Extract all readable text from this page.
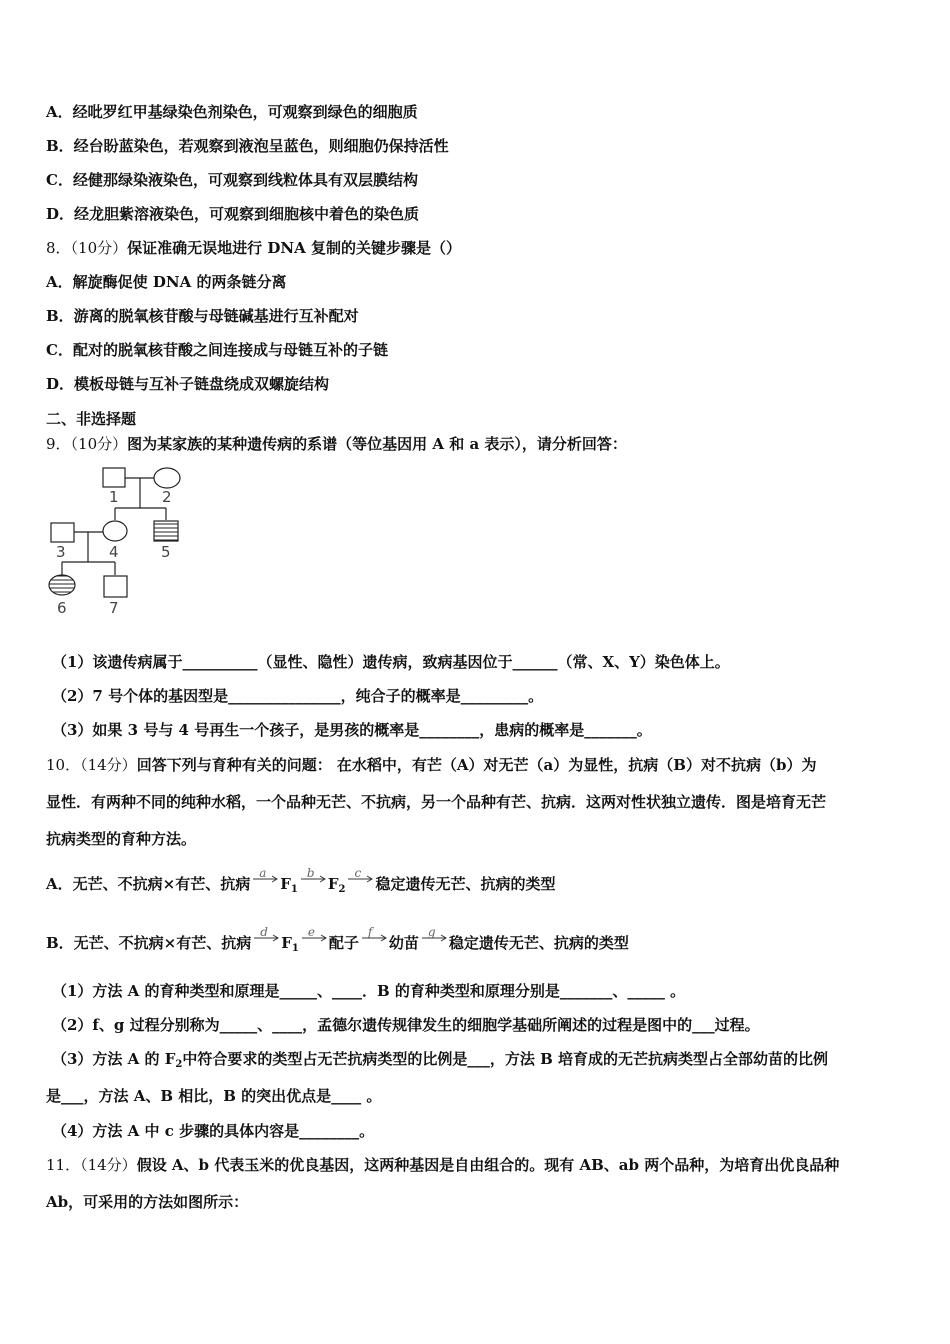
A．经吡罗红甲基绿染色剂染色，可观察到绿色的细胞质
B．经台盼蓝染色，若观察到液泡呈蓝色，则细胞仍保持活性
C．经健那绿染液染色，可观察到线粒体具有双层膜结构
D．经龙胆紫溶液染色，可观察到细胞核中着色的染色质
8．（10分）保证准确无误地进行 DNA 复制的关键步骤是（）
A．解旋酶促使 DNA 的两条链分离
B．游离的脱氧核苷酸与母链碱基进行互补配对
C．配对的脱氧核苷酸之间连接成与母链互补的子链
D．模板母链与互补子链盘绕成双螺旋结构
二、非选择题
9．（10分）图为某家族的某种遗传病的系谱（等位基因用 A 和 a 表示），请分析回答：
1	2
3	4	5
6	7
（1）该遗传病属于__________（显性、隐性）遗传病，致病基因位于______（常、X、Y）染色体上。
（2）7 号个体的基因型是_______________，纯合子的概率是_________。
（3）如果 3 号与 4 号再生一个孩子，是男孩的概率是________，患病的概率是_______。
10．（14分）回答下列与育种有关的问题： 在水稻中，有芒（A）对无芒（a）为显性，抗病（B）对不抗病（b）为
显性．有两种不同的纯种水稻，一个品种无芒、不抗病，另一个品种有芒、抗病．这两对性状独立遗传．图是培育无芒
抗病类型的育种方法。
A．无芒、不抗病×有芒、抗病
a
$F_1$
b
$F_2$
c
稳定遗传无芒、抗病的类型
B．无芒、不抗病×有芒、抗病
d
$F_1$
e
配子
f
幼苗
g
稳定遗传无芒、抗病的类型
（1）方法 A 的育种类型和原理是_____、____．B 的育种类型和原理分别是_______、_____ 。
（2）f、g 过程分别称为_____、____，孟德尔遗传规律发生的细胞学基础所阐述的过程是图中的___过程。
（3）方法 A 的 $F_2$中符合要求的类型占无芒抗病类型的比例是___，方法 B 培育成的无芒抗病类型占全部幼苗的比例
是___，方法 A、B 相比，B 的突出优点是____ 。
（4）方法 A 中 c 步骤的具体内容是________。
11．（14分）假设 A、b 代表玉米的优良基因，这两种基因是自由组合的。现有 AB、ab 两个品种，为培育出优良品种
Ab，可采用的方法如图所示：
